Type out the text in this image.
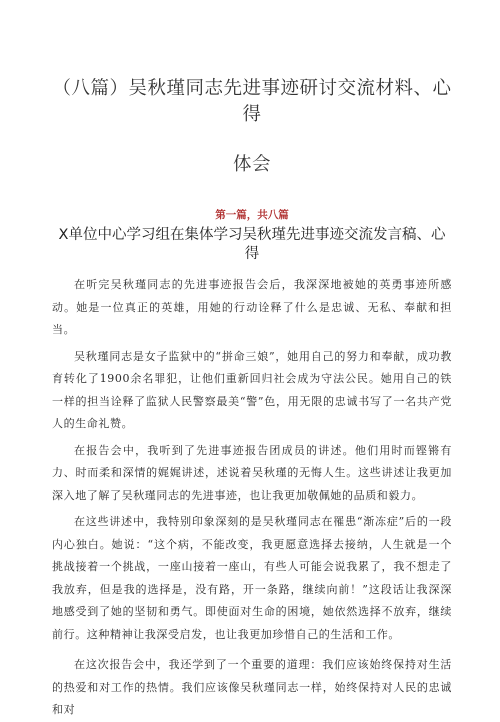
（八篇）吴秋瑾同志先进事迹研讨交流材料、心得
体会
第一篇，共八篇
X单位中心学习组在集体学习吴秋瑾先进事迹交流发言稿、心得

在听完吴秋瑾同志的先进事迹报告会后，我深深地被她的英勇事迹所感动。她是一位真正的英雄，用她的行动诠释了什么是忠诚、无私、奉献和担当。

吴秋瑾同志是女子监狱中的“拼命三娘”，她用自己的努力和奉献，成功教育转化了1900余名罪犯，让他们重新回归社会成为守法公民。她用自己的铁一样的担当诠释了监狱人民警察最美“警”色，用无限的忠诚书写了一名共产党人的生命礼赞。

在报告会中，我听到了先进事迹报告团成员的讲述。他们用时而铿锵有力、时而柔和深情的娓娓讲述，述说着吴秋瑾的无悔人生。这些讲述让我更加深入地了解了吴秋瑾同志的先进事迹，也让我更加敬佩她的品质和毅力。

在这些讲述中，我特别印象深刻的是吴秋瑾同志在罹患“渐冻症”后的一段内心独白。她说：“这个病，不能改变，我更愿意选择去接纳，人生就是一个挑战接着一个挑战，一座山接着一座山，有些人可能会说我累了，我不想走了我放弃，但是我的选择是，没有路，开一条路，继续向前！”这段话让我深深地感受到了她的坚韧和勇气。即使面对生命的困境，她依然选择不放弃，继续前行。这种精神让我深受启发，也让我更加珍惜自己的生活和工作。

在这次报告会中，我还学到了一个重要的道理：我们应该始终保持对生活的热爱和对工作的热情。我们应该像吴秋瑾同志一样，始终保持对人民的忠诚和对
